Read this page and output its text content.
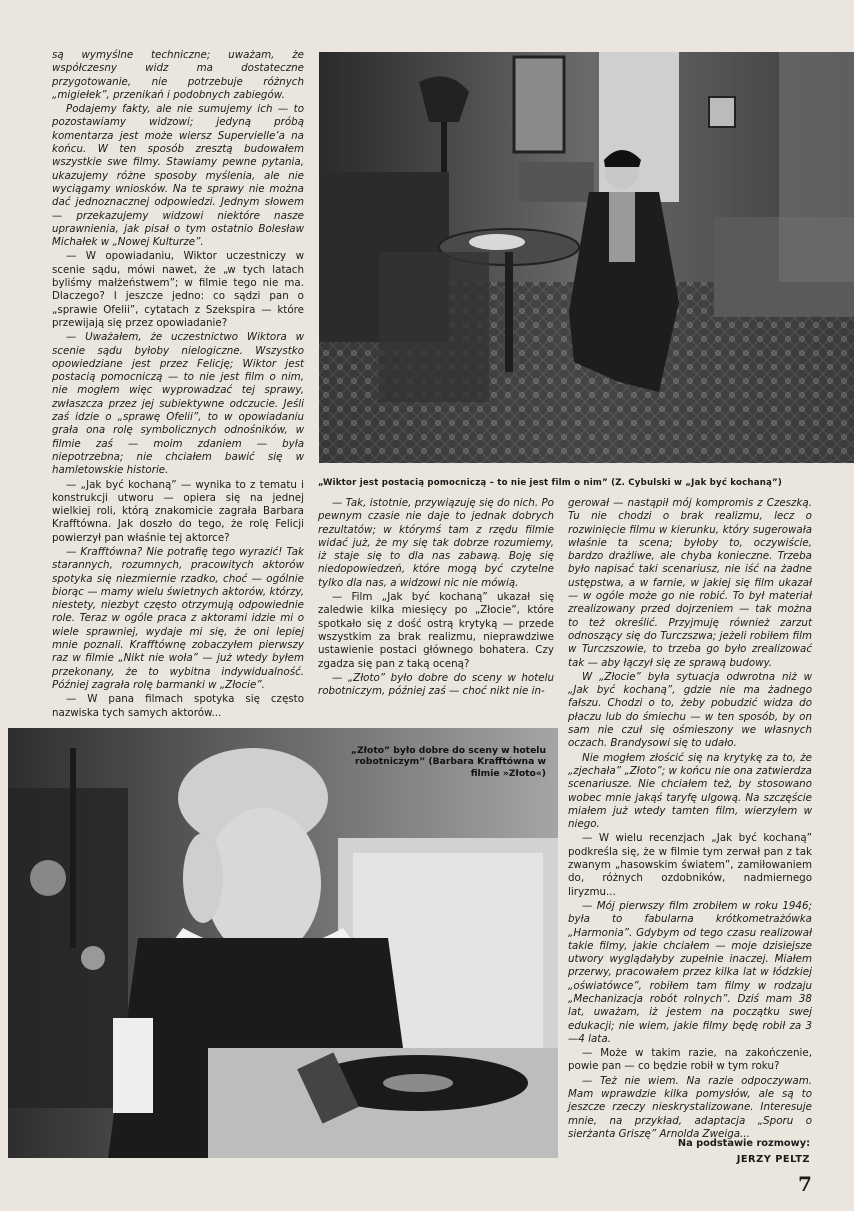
są wymyślne techniczne; uważam, że współczesny widz ma dostateczne przygotowanie, nie potrzebuje różnych „migiełek”, przenikań i podobnych zabiegów.

Podajemy fakty, ale nie sumujemy ich — to pozostawiamy widzowi; jedyną próbą komentarza jest może wiersz Supervielle’a na końcu. W ten sposób zresztą budowałem wszystkie swe filmy. Stawiamy pewne pytania, ukazujemy różne sposoby myślenia, ale nie wyciągamy wniosków. Na te sprawy nie można dać jednoznacznej odpowiedzi. Jednym słowem — przekazujemy widzowi niektóre nasze uprawnienia, jak pisał o tym ostatnio Bolesław Michałek w „Nowej Kulturze”.

— W opowiadaniu, Wiktor uczestniczy w scenie sądu, mówi nawet, że „w tych latach byliśmy małżeństwem”; w filmie tego nie ma. Dlaczego? I jeszcze jedno: co sądzi pan o „sprawie Ofelii”, cytatach z Szekspira — które przewijają się przez opowiadanie?

— Uważałem, że uczestnictwo Wiktora w scenie sądu byłoby nielogiczne. Wszystko opowiedziane jest przez Felicję; Wiktor jest postacią pomocniczą — to nie jest film o nim, nie mogłem więc wyprowadzać tej sprawy, zwłaszcza przez jej subiektywne odczucie. Jeśli zaś idzie o „sprawę Ofelii”, to w opowiadaniu grała ona rolę symbolicznych odnośników, w filmie zaś — moim zdaniem — była niepotrzebna; nie chciałem bawić się w hamletowskie historie.

— „Jak być kochaną” — wynika to z tematu i konstrukcji utworu — opiera się na jednej wielkiej roli, którą znakomicie zagrała Barbara Krafftówna. Jak doszło do tego, że rolę Felicji powierzył pan właśnie tej aktorce?

— Krafftówna? Nie potrafię tego wyrazić! Tak starannych, rozumnych, pracowitych aktorów spotyka się niezmiernie rzadko, choć — ogólnie biorąc — mamy wielu świetnych aktorów, którzy, niestety, niezbyt często otrzymują odpowiednie role. Teraz w ogóle praca z aktorami idzie mi o wiele sprawniej, wydaje mi się, że oni lepiej mnie poznali. Krafftównę zobaczyłem pierwszy raz w filmie „Nikt nie woła” — już wtedy byłem przekonany, że to wybitna indywidualność. Później zagrała rolę barmanki w „Złocie”.

— W pana filmach spotyka się często nazwiska tych samych aktorów...

„Wiktor jest postacią pomocniczą – to nie jest film o nim” (Z. Cybulski w „Jak być kochaną”)

— Tak, istotnie, przywiązuję się do nich. Po pewnym czasie nie daje to jednak dobrych rezultatów; w którymś tam z rzędu filmie widać już, że my się tak dobrze rozumiemy, iż staje się to dla nas zabawą. Boję się niedopowiedzeń, które mogą być czytelne tylko dla nas, a widzowi nic nie mówią.

— Film „Jak być kochaną” ukazał się zaledwie kilka miesięcy po „Złocie”, które spotkało się z dość ostrą krytyką — przede wszystkim za brak realizmu, nieprawdziwe ustawienie postaci głównego bohatera. Czy zgadza się pan z taką oceną?

— „Złoto” było dobre do sceny w hotelu robotniczym, później zaś — choć nikt nie in-

gerował — nastąpił mój kompromis z Czeszką. Tu nie chodzi o brak realizmu, lecz o rozwinięcie filmu w kierunku, który sugerowała właśnie ta scena; byłoby to, oczywiście, bardzo drażliwe, ale chyba konieczne. Trzeba było napisać taki scenariusz, nie iść na żadne ustępstwa, a w farnie, w jakiej się film ukazał — w ogóle może go nie robić. To był materiał zrealizowany przed dojrzeniem — tak można to też określić. Przyjmuję również zarzut odnoszący się do Turczszwa; jeżeli robiłem film w Turczszowie, to trzeba go było zrealizować tak — aby łączył się ze sprawą budowy.

W „Złocie” była sytuacja odwrotna niż w „Jak być kochaną”, gdzie nie ma żadnego fałszu. Chodzi o to, żeby pobudzić widza do płaczu lub do śmiechu — w ten sposób, by on sam nie czuł się ośmieszony we własnych oczach. Brandysowi się to udało.

Nie mogłem złościć się na krytykę za to, że „zjechała” „Złoto”; w końcu nie ona zatwierdza scenariusze. Nie chciałem też, by stosowano wobec mnie jakąś taryfę ulgową. Na szczęście miałem już wtedy tamten film, wierzyłem w niego.

— W wielu recenzjach „Jak być kochaną” podkreśla się, że w filmie tym zerwał pan z tak zwanym „hasowskim światem”, zamiłowaniem do, różnych ozdobników, nadmiernego liryzmu...

— Mój pierwszy film zrobiłem w roku 1946; była to fabularna krótkometrażówka „Harmonia”. Gdybym od tego czasu realizował takie filmy, jakie chciałem — moje dzisiejsze utwory wyglądałyby zupełnie inaczej. Miałem przerwy, pracowałem przez kilka lat w łódzkiej „oświatówce”, robiłem tam filmy w rodzaju „Mechanizacja robót rolnych”. Dziś mam 38 lat, uważam, iż jestem na początku swej edukacji; nie wiem, jakie filmy będę robił za 3—4 lata.

— Może w takim razie, na zakończenie, powie pan — co będzie robił w tym roku?

— Też nie wiem. Na razie odpoczywam. Mam wprawdzie kilka pomysłów, ale są to jeszcze rzeczy nieskrystalizowane. Interesuje mnie, na przykład, adaptacja „Sporu o sierżanta Griszę” Arnolda Zweiga...

„Złoto” było dobre do sceny w hotelu robotniczym” (Barbara Krafftówna w filmie »Złoto«)
Na podstawie rozmowy:
JERZY PELTZ
7
